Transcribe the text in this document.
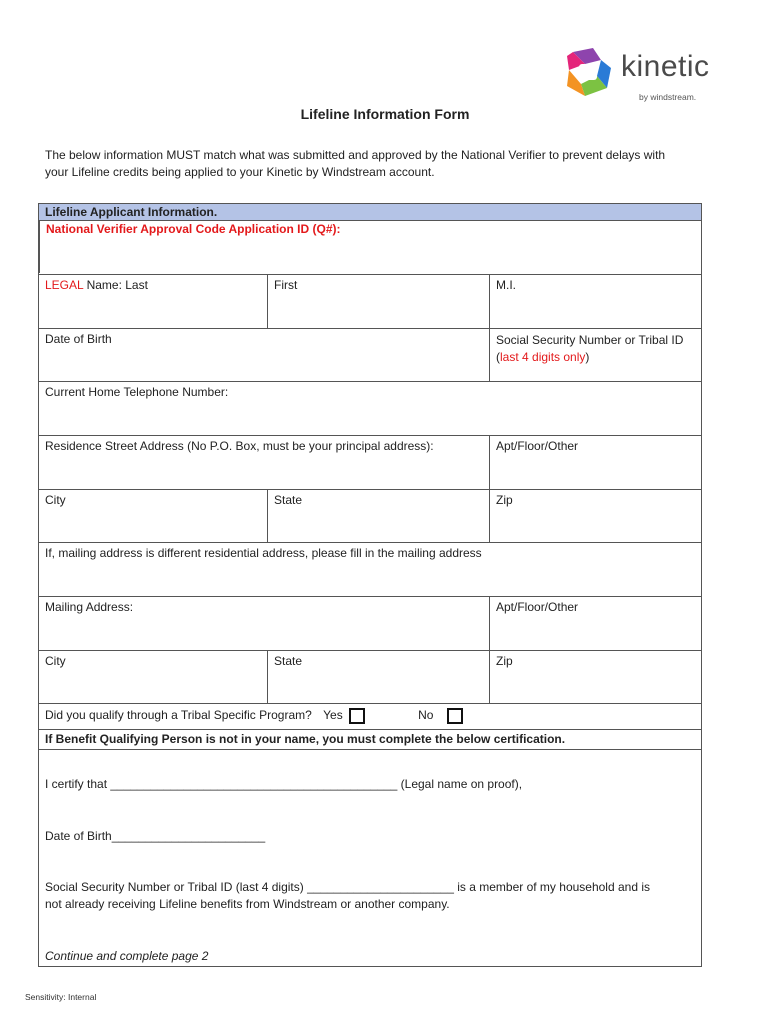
kinetic
by windstream.
Lifeline Information Form
The below information MUST match what was submitted and approved by the National Verifier to prevent delays with
your Lifeline credits being applied to your Kinetic by Windstream account.
Lifeline Applicant Information.
National Verifier Approval Code Application ID (Q#):
LEGAL Name: Last	First	M.I.
Date of Birth	Social Security Number or Tribal ID
(last 4 digits only)
Current Home Telephone Number:
Residence Street Address (No P.O. Box, must be your principal address):	Apt/Floor/Other
City	State	Zip
If, mailing address is different residential address, please fill in the mailing address
Mailing Address:	Apt/Floor/Other
City	State	Zip
Did you qualify through a Tribal Specific Program? Yes	No
If Benefit Qualifying Person is not in your name, you must complete the below certification.
I certify that ___________________________________________ (Legal name on proof),
Date of Birth_______________________
Social Security Number or Tribal ID (last 4 digits) ______________________ is a member of my household and is
not already receiving Lifeline benefits from Windstream or another company.
Continue and complete page 2
Sensitivity: Internal
